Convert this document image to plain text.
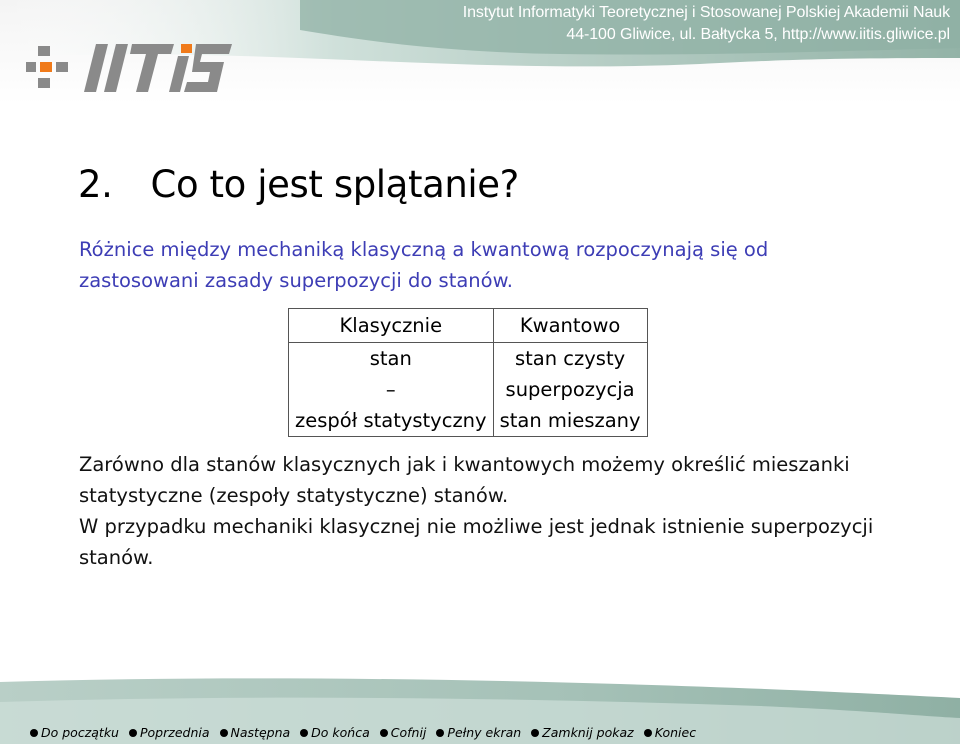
Instytut Informatyki Teoretycznej i Stosowanej Polskiej Akademii Nauk
44-100 Gliwice, ul. Bałtycka 5, http://www.iitis.gliwice.pl
2. Co to jest splątanie?
Różnice między mechaniką klasyczną a kwantową rozpoczynają się od zastosowani zasady superpozycji do stanów.
Klasycznie	Kwantowo
stan	stan czysty
–	superpozycja
zespół statystyczny	stan mieszany

Zarówno dla stanów klasycznych jak i kwantowych możemy określić mieszanki statystyczne (zespoły statystyczne) stanów.

W przypadku mechaniki klasycznej nie możliwe jest jednak istnienie superpozycji stanów.

Do początku	Poprzednia	Następna	Do końca	Cofnij	Pełny ekran	Zamknij pokaz	Koniec
